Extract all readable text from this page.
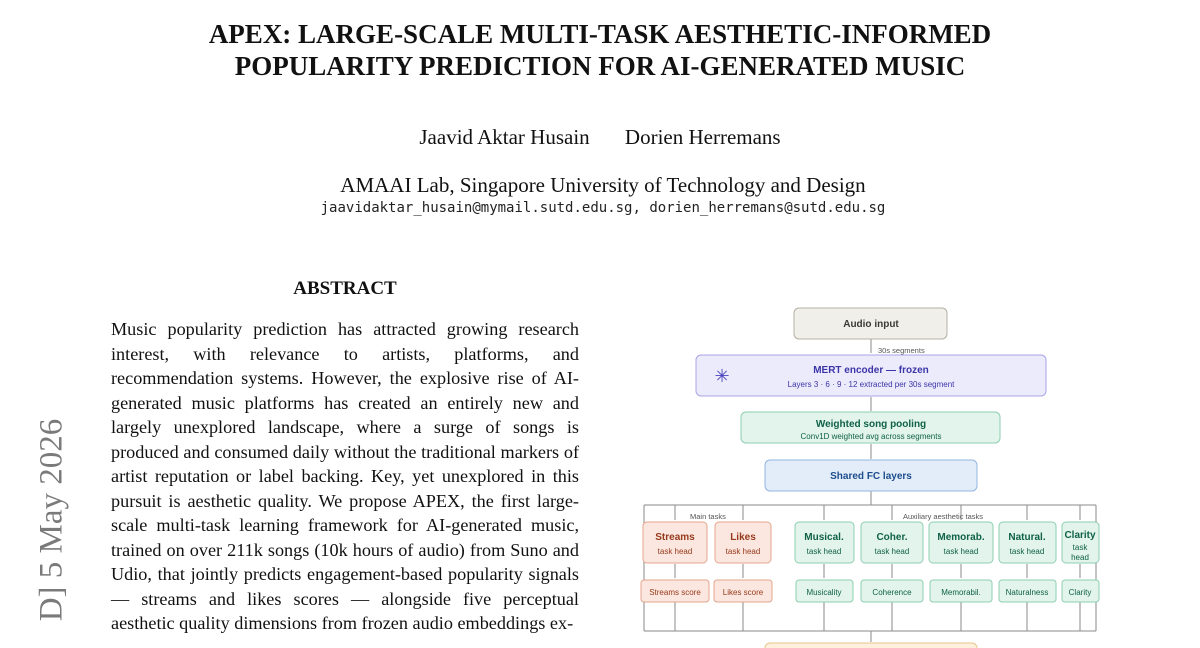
APEX: LARGE-SCALE MULTI-TASK AESTHETIC-INFORMED
POPULARITY PREDICTION FOR AI-GENERATED MUSIC
Jaavid Aktar Husain Dorien Herremans
AMAAI Lab, Singapore University of Technology and Design
jaavidaktar_husain@mymail.sutd.edu.sg, dorien_herremans@sutd.edu.sg
D] 5 May 2026
ABSTRACT

Music popularity prediction has attracted growing research interest, with relevance to artists, platforms, and recommendation systems. However, the explosive rise of AI-generated music platforms has created an entirely new and largely unexplored landscape, where a surge of songs is produced and consumed daily without the traditional markers of artist reputation or label backing. Key, yet unexplored in this pursuit is aesthetic quality. We propose APEX, the first large-scale multi-task learning framework for AI-generated music, trained on over 211k songs (10k hours of audio) from Suno and Udio, that jointly predicts engagement-based popularity signals — streams and likes scores — alongside five perceptual aesthetic quality dimensions from frozen audio embeddings ex-

Audio input
30s segments
✳	MERT encoder — frozen
Layers 3 · 6 · 9 · 12 extracted per 30s segment
Weighted song pooling
Conv1D weighted avg across segments
Shared FC layers
Main tasks	Auxiliary aesthetic tasks
Streams
task head
Likes
task head
Musical.
task head
Coher.
task head
Memorab.
task head
Natural.
task head
Clarity
task
head
Streams score	Likes score	Musicality	Coherence	Memorabil.	Naturalness	Clarity
